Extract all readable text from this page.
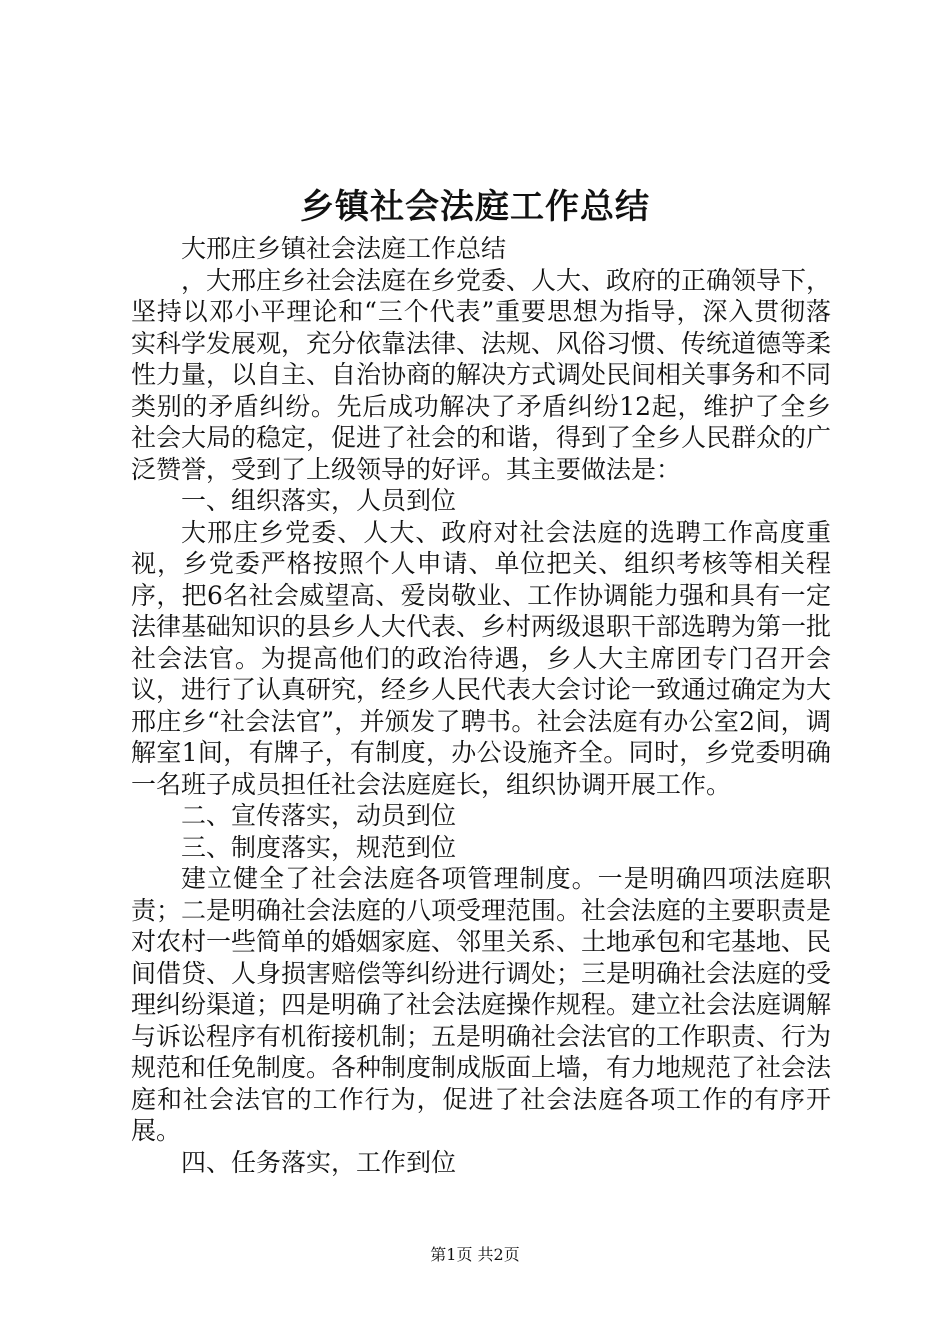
乡镇社会法庭工作总结

大邢庄乡镇社会法庭工作总结

，大邢庄乡社会法庭在乡党委、人大、政府的正确领导下，坚持以邓小平理论和“三个代表”重要思想为指导，深入贯彻落实科学发展观，充分依靠法律、法规、风俗习惯、传统道德等柔性力量，以自主、自治协商的解决方式调处民间相关事务和不同类别的矛盾纠纷。先后成功解决了矛盾纠纷12起，维护了全乡社会大局的稳定，促进了社会的和谐，得到了全乡人民群众的广泛赞誉，受到了上级领导的好评。其主要做法是：

一、组织落实，人员到位

大邢庄乡党委、人大、政府对社会法庭的选聘工作高度重视，乡党委严格按照个人申请、单位把关、组织考核等相关程序，把6名社会威望高、爱岗敬业、工作协调能力强和具有一定法律基础知识的县乡人大代表、乡村两级退职干部选聘为第一批社会法官。为提高他们的政治待遇，乡人大主席团专门召开会议，进行了认真研究，经乡人民代表大会讨论一致通过确定为大邢庄乡“社会法官”，并颁发了聘书。社会法庭有办公室2间，调解室1间，有牌子，有制度，办公设施齐全。同时，乡党委明确一名班子成员担任社会法庭庭长，组织协调开展工作。

二、宣传落实，动员到位

三、制度落实，规范到位

建立健全了社会法庭各项管理制度。一是明确四项法庭职责；二是明确社会法庭的八项受理范围。社会法庭的主要职责是对农村一些简单的婚姻家庭、邻里关系、土地承包和宅基地、民间借贷、人身损害赔偿等纠纷进行调处；三是明确社会法庭的受理纠纷渠道；四是明确了社会法庭操作规程。建立社会法庭调解与诉讼程序有机衔接机制；五是明确社会法官的工作职责、行为规范和任免制度。各种制度制成版面上墙，有力地规范了社会法庭和社会法官的工作行为，促进了社会法庭各项工作的有序开展。

四、任务落实，工作到位

第1页 共2页
